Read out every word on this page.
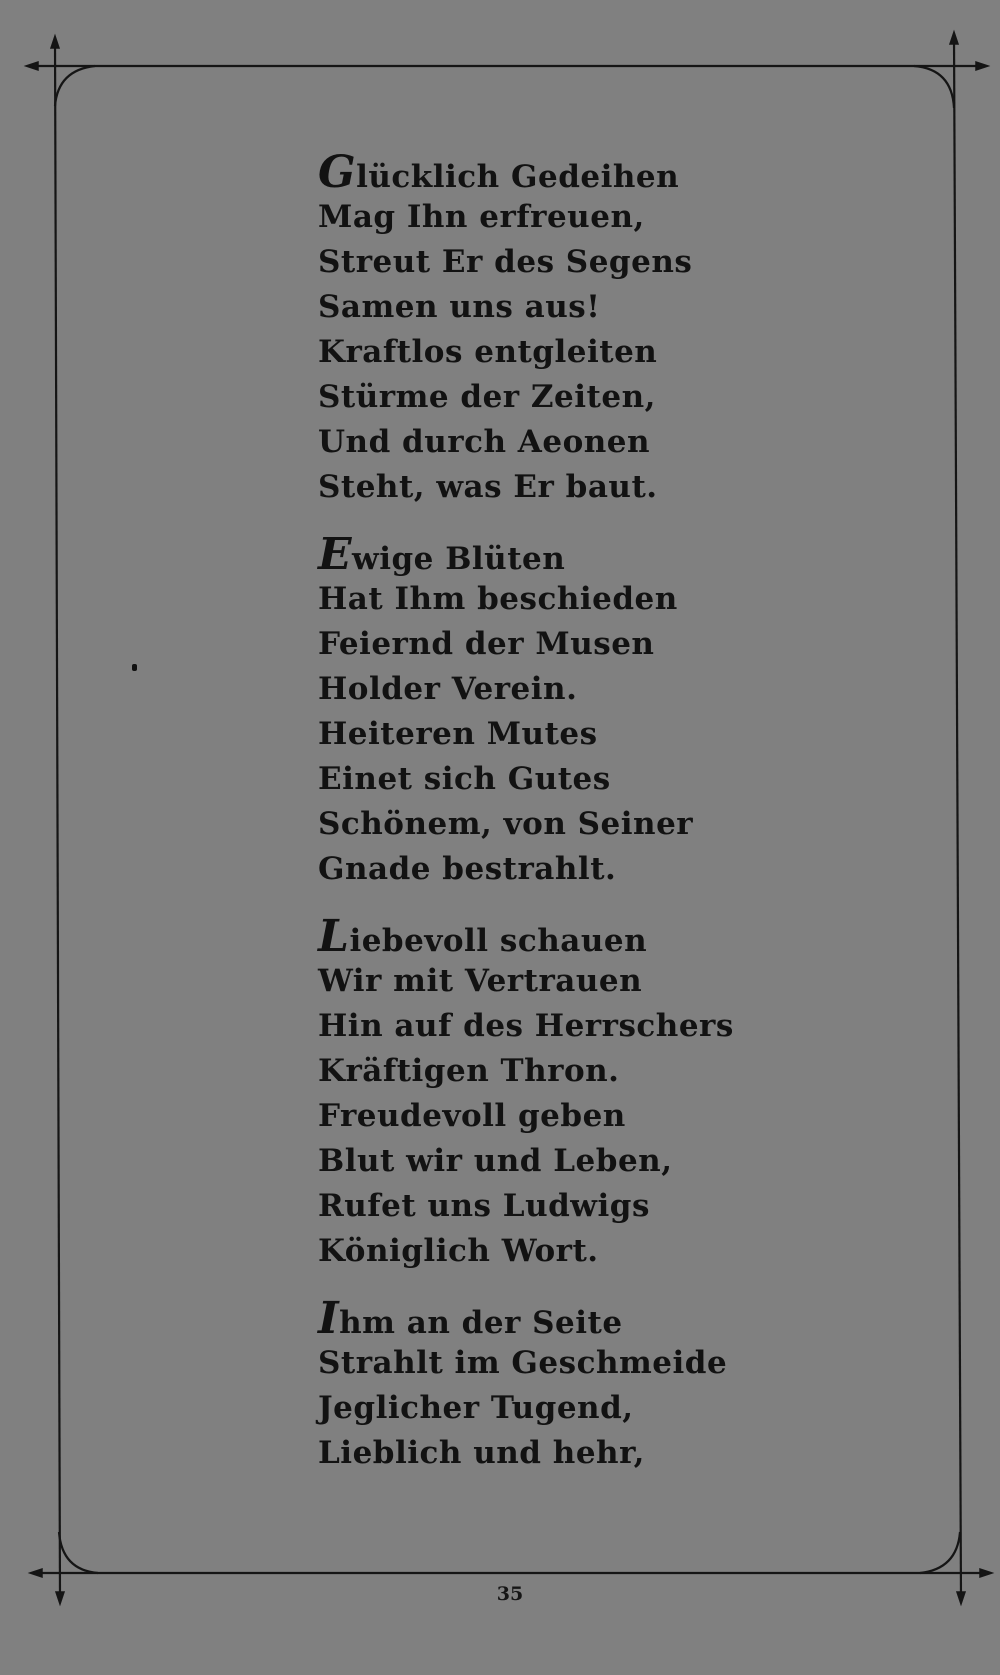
Glücklich Gedeihen
Mag Ihn erfreuen,
Streut Er des Segens
Samen uns aus!
Kraftlos entgleiten
Stürme der Zeiten,
Und durch Aeonen
Steht, was Er baut.
Ewige Blüten
Hat Ihm beschieden
Feiernd der Musen
Holder Verein.
Heiteren Mutes
Einet sich Gutes
Schönem, von Seiner
Gnade bestrahlt.
Liebevoll schauen
Wir mit Vertrauen
Hin auf des Herrschers
Kräftigen Thron.
Freudevoll geben
Blut wir und Leben,
Rufet uns Ludwigs
Königlich Wort.
Ihm an der Seite
Strahlt im Geschmeide
Jeglicher Tugend,
Lieblich und hehr,
35
